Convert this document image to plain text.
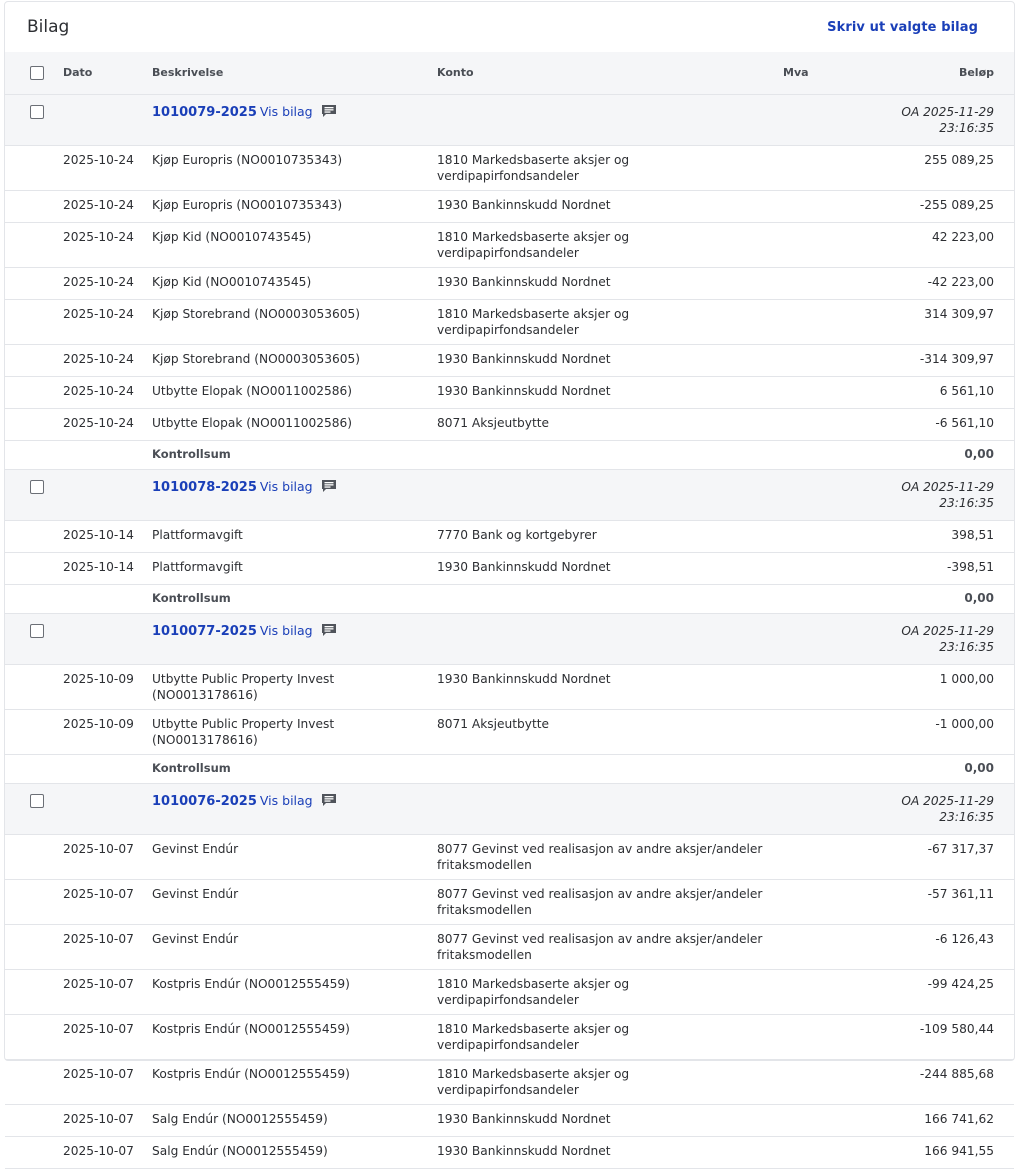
Bilag	Skriv ut valgte bilag
	Dato	Beskrivelse	Konto	Mva	Beløp
		1010079-2025 Vis bilag			OA 2025-11-29 23:16:35
	2025-10-24	Kjøp Europris (NO0010735343)	1810 Markedsbaserte aksjer og verdipapirfondsandeler		255 089,25
	2025-10-24	Kjøp Europris (NO0010735343)	1930 Bankinnskudd Nordnet		-255 089,25
	2025-10-24	Kjøp Kid (NO0010743545)	1810 Markedsbaserte aksjer og verdipapirfondsandeler		42 223,00
	2025-10-24	Kjøp Kid (NO0010743545)	1930 Bankinnskudd Nordnet		-42 223,00
	2025-10-24	Kjøp Storebrand (NO0003053605)	1810 Markedsbaserte aksjer og verdipapirfondsandeler		314 309,97
	2025-10-24	Kjøp Storebrand (NO0003053605)	1930 Bankinnskudd Nordnet		-314 309,97
	2025-10-24	Utbytte Elopak (NO0011002586)	1930 Bankinnskudd Nordnet		6 561,10
	2025-10-24	Utbytte Elopak (NO0011002586)	8071 Aksjeutbytte		-6 561,10
		Kontrollsum			0,00
		1010078-2025 Vis bilag			OA 2025-11-29 23:16:35
	2025-10-14	Plattformavgift	7770 Bank og kortgebyrer		398,51
	2025-10-14	Plattformavgift	1930 Bankinnskudd Nordnet		-398,51
		Kontrollsum			0,00
		1010077-2025 Vis bilag			OA 2025-11-29 23:16:35
	2025-10-09	Utbytte Public Property Invest (NO0013178616)	1930 Bankinnskudd Nordnet		1 000,00
	2025-10-09	Utbytte Public Property Invest (NO0013178616)	8071 Aksjeutbytte		-1 000,00
		Kontrollsum			0,00
		1010076-2025 Vis bilag			OA 2025-11-29 23:16:35
	2025-10-07	Gevinst Endúr	8077 Gevinst ved realisasjon av andre aksjer/andeler fritaksmodellen		-67 317,37
	2025-10-07	Gevinst Endúr	8077 Gevinst ved realisasjon av andre aksjer/andeler fritaksmodellen		-57 361,11
	2025-10-07	Gevinst Endúr	8077 Gevinst ved realisasjon av andre aksjer/andeler fritaksmodellen		-6 126,43
	2025-10-07	Kostpris Endúr (NO0012555459)	1810 Markedsbaserte aksjer og verdipapirfondsandeler		-99 424,25
	2025-10-07	Kostpris Endúr (NO0012555459)	1810 Markedsbaserte aksjer og verdipapirfondsandeler		-109 580,44
	2025-10-07	Kostpris Endúr (NO0012555459)	1810 Markedsbaserte aksjer og verdipapirfondsandeler		-244 885,68
	2025-10-07	Salg Endúr (NO0012555459)	1930 Bankinnskudd Nordnet		166 741,62
	2025-10-07	Salg Endúr (NO0012555459)	1930 Bankinnskudd Nordnet		166 941,55
